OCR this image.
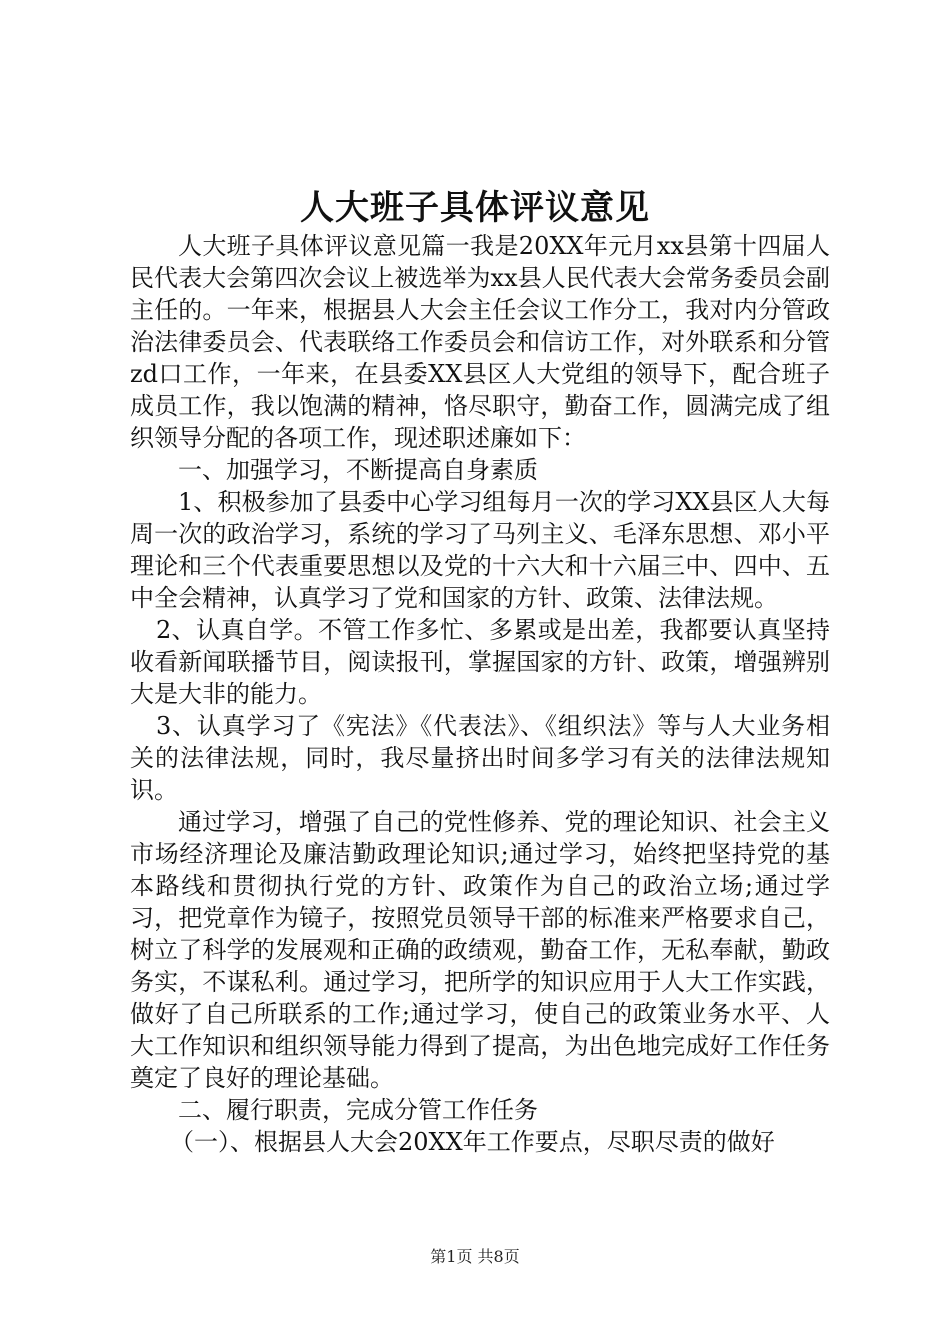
人大班子具体评议意见

人大班子具体评议意见篇一我是20XX年元月xx县第十四届人民代表大会第四次会议上被选举为xx县人民代表大会常务委员会副主任的。一年来，根据县人大会主任会议工作分工，我对内分管政治法律委员会、代表联络工作委员会和信访工作，对外联系和分管zd口工作，一年来，在县委XX县区人大党组的领导下，配合班子成员工作，我以饱满的精神，恪尽职守，勤奋工作，圆满完成了组织领导分配的各项工作，现述职述廉如下：

一、加强学习，不断提高自身素质

1、积极参加了县委中心学习组每月一次的学习XX县区人大每周一次的政治学习，系统的学习了马列主义、毛泽东思想、邓小平理论和三个代表重要思想以及党的十六大和十六届三中、四中、五中全会精神，认真学习了党和国家的方针、政策、法律法规。

2、认真自学。不管工作多忙、多累或是出差，我都要认真坚持收看新闻联播节目，阅读报刊，掌握国家的方针、政策，增强辨别大是大非的能力。

3、认真学习了《宪法》《代表法》、《组织法》等与人大业务相关的法律法规，同时，我尽量挤出时间多学习有关的法律法规知识。

通过学习，增强了自己的党性修养、党的理论知识、社会主义市场经济理论及廉洁勤政理论知识;通过学习，始终把坚持党的基本路线和贯彻执行党的方针、政策作为自己的政治立场;通过学习，把党章作为镜子，按照党员领导干部的标准来严格要求自己，树立了科学的发展观和正确的政绩观，勤奋工作，无私奉献，勤政务实，不谋私利。通过学习，把所学的知识应用于人大工作实践，做好了自己所联系的工作;通过学习，使自己的政策业务水平、人大工作知识和组织领导能力得到了提高，为出色地完成好工作任务奠定了良好的理论基础。

二、履行职责，完成分管工作任务

（一）、根据县人大会20XX年工作要点，尽职尽责的做好

第1页 共8页
